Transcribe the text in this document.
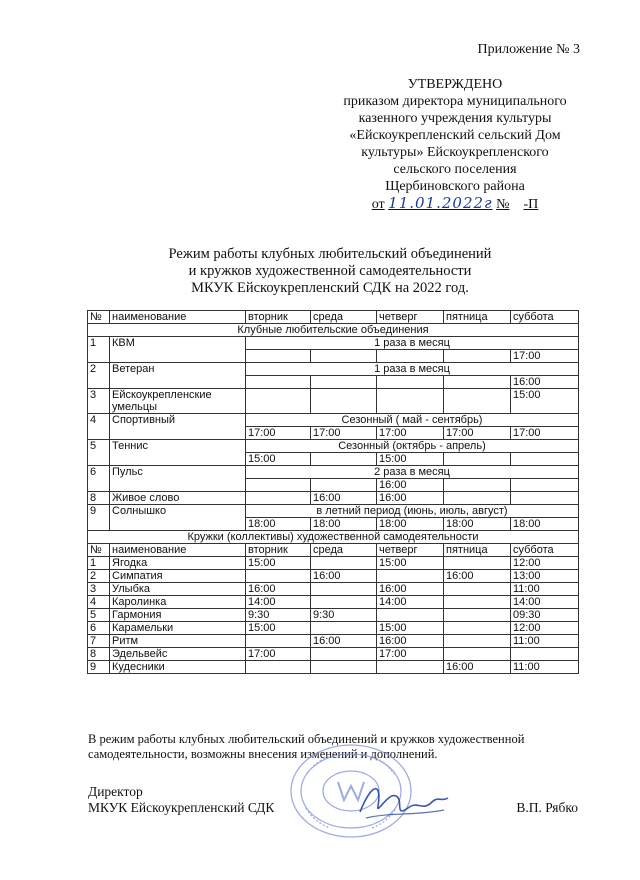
Приложение № 3
УТВЕРЖДЕНО
приказом директора муниципального
казенного учреждения культуры
«Ейскоукрепленский сельский Дом
культуры» Ейскоукрепленского
сельского поселения
Щербиновского района
от 11.01.2022г № -П
Режим работы клубных любительский объединений
и кружков художественной самодеятельности
МКУК Ейскоукрепленский СДК на 2022 год.
№	наименование	вторник	среда	четверг	пятница	суббота
Клубные любительские объединения						
1	КВМ	1 раза в месяц				
						17:00
2	Ветеран	1 раза в месяц				
						16:00
3	Ейскоукрепленские умельцы					15:00
4	Спортивный	Сезонный ( май - сентябрь)				
		17:00	17:00	17:00	17:00	17:00
5	Теннис	Сезонный (октябрь - апрель)				
		15:00		15:00		
6	Пульс	2 раза в месяц				
				16:00		
8	Живое слово		16:00	16:00		
9	Солнышко	в летний период (июнь, июль, август)				
		18:00	18:00	18:00	18:00	18:00
Кружки (коллективы) художественной самодеятельности						
№	наименование	вторник	среда	четверг	пятница	суббота
1	Ягодка	15:00		15:00		12:00
2	Симпатия		16:00		16:00	13:00
3	Улыбка	16:00		16:00		11:00
4	Каролинка	14:00		14:00		14:00
5	Гармония	9:30	9:30			09:30
6	Карамельки	15:00		15:00		12:00
7	Ритм		16:00	16:00		11:00
8	Эдельвейс	17:00		17:00		
9	Кудесники				16:00	11:00
В режим работы клубных любительский объединений и кружков художественной самодеятельности, возможны внесения изменений и дополнений.
Директор
МКУК Ейскоукрепленский СДК	В.П. Рябко
